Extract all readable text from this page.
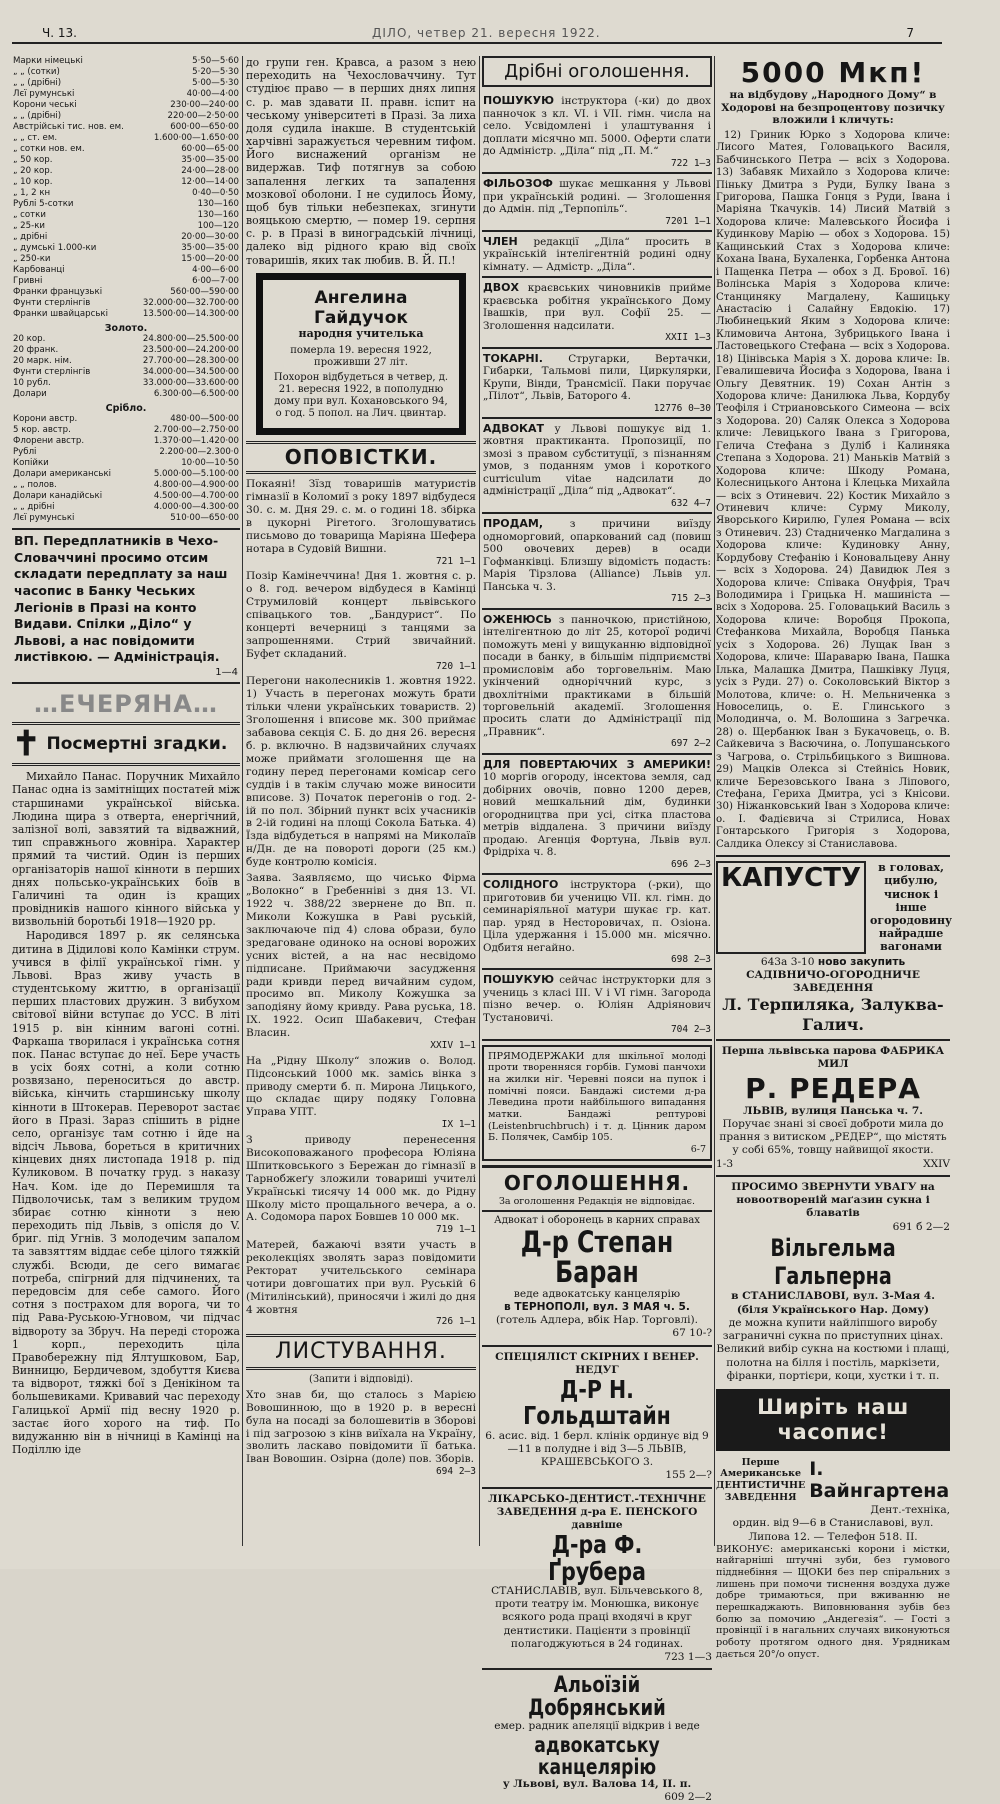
Ч. 13.	ДІЛО, четвер 21. вересня 1922.	7
Марки німецькі	5·50—5·60
„ „ (сотки)	5·20—5·30
„ „ (дрібні)	5·00—5·30
Лєї румунські	40·00—4·00
Корони чеські	230·00—240·00
„ „ (дрібні)	220·00—2·50·00
Австрійські тис. нов. ем.	600·00—650·00
„ „ ст. ем.	1.600·00—1.650·00
„ сотки нов. ем.	60·00—65·00
„ 50 кор.	35·00—35·00
„ 20 кор.	24·00—28·00
„ 10 кор.	12·00—14·00
„ 1, 2 кн	0·40—0·50
Рублі 5-сотки	130—160
„ сотки	130—160
„ 25-ки	100—120
„ дрібні	20·00—30·00
„ думські 1.000-ки	35·00—35·00
„ 250-ки	15·00—20·00
Карбованці	4·00—6·00
Гривні	6·00—7·00
Франки французькі	560·00—590·00
Фунти стерлінгів	32.000·00—32.700·00
Франки швайцарські	13.500·00—14.300·00
Золото.	
20 кор.	24.800·00—25.500·00
20 франк.	23.500·00—24.200·00
20 марк. нім.	27.700·00—28.300·00
Фунти стерлінгів	34.000·00—34.500·00
10 рубл.	33.000·00—33.600·00
Долари	6.300·00—6.500·00
Срібло.	
Корони австр.	480·00—500·00
5 кор. австр.	2.700·00—2.750·00
Флорени австр.	1.370·00—1.420·00
Рублі	2.200·00—2.300·0
Копійки	10·00—10·50
Долари американські	5.000·00—5.100·00
„ „ полов.	4.800·00—4.900·00
Долари канадійські	4.500·00—4.700·00
„ „ дрібні	4.000·00—4.300·00
Лєї румунські	510·00—650·00
ВП. Передплатників в Чехо-Словаччині просимо отсим складати передплату за наш часопис в Банку Чеських Легіонів в Празі на конто Видави. Спілки „Діло“ у Львові, а нас повідомити листівкою. — Адміністрація.
1—4
…ЕЧЕРЯНА…
✝ Посмертні згадки.

Михайло Панас. Поручник Михайло Панас одна із замітніщих постатей між старшинами української війська. Людина щира з отверта, енергічний, залізної волі, завзятий та відважний, тип справжнього жовніра. Характер прямий та чистий. Один із перших організаторів нашої кінноти в перших днях польсько-українських боїв в Галичині та один із кращих провідників нашого кінного війська у визвольній боротьбі 1918—1920 рр.

Народився 1897 р. як селянська дитина в Дідилові коло Камінки струм. учився в філії української гімн. у Львові. Враз живу участь в студентському життю, в організації перших пластових дружин. З вибухом світової війни вступає до УСС. В літі 1915 р. він кінним вагоні сотні. Фаркаша творилася і українська сотня пок. Панас вступає до неї. Бере участь в усіх боях сотні, а коли сотню розвязано, переноситься до австр. війська, кінчить старшинську школу кінноти в Штокерав. Переворот застає його в Празі. Зараз спішить в рідне село, організує там сотню і йде на відсіч Львова, бореться в критичних кінцевих днях листопада 1918 р. під Куликовом. В початку груд. з наказу Нач. Ком. іде до Перемишля та Підволочиськ, там з великим трудом збирає сотню кінноти з нею переходить під Львів, з опісля до V. бриг. під Угнів. З молодечим запалом та завзяттям віддає себе цілого тяжкій службі. Всюди, де сего вимагає потреба, спігрний для підчинених, та передовсім для себе самого. Його сотня з пострахом для ворога, чи то під Рава-Руською-Угновом, чи підчас відвороту за Збруч. На переді сторожа 1 корп., переходить ціла Правобережну під Ялтушковом, Бар, Винницю, Бердичевом, здобуття Києва та відворот, тяжкі бої з Денікіном та большевиками. Кривавий час переходу Галицької Армії під весну 1920 р. застає його хорого на тиф. По видужанню він в нічниці в Камінці на Поділлю іде

до групи ген. Кравса, а разом з нею переходить на Чехословаччину. Тут студіює право — в перших днях липня с. р. мав здавати II. правн. іспит на чеському університеті в Празі. За лиха доля судила інакше. В студентській харчівні заражується черевним тифом. Його виснажений організм не видержав. Тиф потягнув за собою запалення легких та запалення мозкової оболони. І не судилось Йому, щоб був тільки небезпеках, згинути вояцькою смертю, — помер 19. серпня с. р. в Празі в виноградській лічниці, далеко від рідного краю від своїх товаришів, яких так любив. В. Й. П.!

Ангелина Гайдучок
народня учителька
померла 19. вересня 1922, проживши 27 літ.
Похорон відбудеться в четвер, д. 21. вересня 1922, в пополудню дому при вул. Кохановського 94, о год. 5 попол. на Лич. цвинтар.
ОПОВІСТКИ.
Покаяні! Зїзд товаришів матуристів гімназії в Коломиї з року 1897 відбудеся 30. с. м. Дня 29. с. м. о годині 18. збірка в цукорні Рігетого. Зголошуватись письмово до товарища Маріяна Шефера нотара в Судовій Вишни.
721 1—1
Позір Камінеччина! Дня 1. жовтня с. р. о 8. год. вечером відбудеся в Камінці Струмиловій концерт львівського співацького тов. „Бандурист“. По концерті вечерниці з танцями за запрошеннями. Стрий звичайний. Буфет складаний.
720 1—1
Перегони наколесників 1. жовтня 1922. 1) Участь в перегонах можуть брати тільки члени українських товариств. 2) Зголошення і вписове мк. 300 приймає забавова секція С. Б. до дня 26. вересня б. р. включно. В надзвичайних случаях може приймати зголошення ще на годину перед перегонами комісар сего суддів і в такім случаю може виносити вписове. 3) Початок перегонів о год. 2-ій по пол. Збірний пункт всіх учасників в 2-ій годині на площі Сокола Батька. 4) Їзда відбудеться в напрямі на Миколаїв н/Дн. де на повороті дороги (25 км.) буде контролю комісія.
Заява. Заявляємо, що чисько Фірма „Волокно“ в Гребенніві з дня 13. VI. 1922 ч. 388/22 звернене до Вп. п. Миколи Кожушка в Раві руській, заключаюче під 4) слова образи, було зредаговане одиноко на основі ворожих усних вістей, а на нас несвідомо підписане. Приймаючи засудження ради кривди перед вичайним судом, просимо вп. Миколу Кожушка за заподіяну йому кривду. Рава руська, 18. IX. 1922. Осип Шабакевич, Стефан Власин.
XXIV 1—1
На „Рідну Школу“ зложив о. Волод. Підсонський 1000 мк. замісь вінка з приводу смерти б. п. Мирона Лицького, що складає щиру подяку Головна Управа УПТ.
IX 1—1
З приводу перенесення Високоповажаного професора Юліяна Шпитковського з Бережан до гімназії в Тарнобжеґу зложили товариші учителі Українські тисячу 14 000 мк. до Рідну Школу місто прощального вечера, а о. А. Содомора парох Бовшев 10 000 мк.
719 1—1
Матерей, бажаючі взяти участь в реколекціях зволять зараз повідомити Ректорат учительського семінара чотири довгошатих при вул. Руській 6 (Мітилінський), приносячи і жилі до дня 4 жовтня
726 1—1
ЛИСТУВАННЯ.
(Запити і відповіді).
Хто знав би, що сталось з Марією Вовошинною, що в 1920 р. в вересні була на посаді за болошевитів в Зборові і під загрозою з кінв виїхала на Україну, зволить ласкаво повідомити її батька. Іван Вовошин. Озірна (доле) пов. Зборів.
694 2—3
Дрібні оголошення.
ПОШУКУЮ інструктора (-ки) до двох панночок з кл. VI. і VII. гімн. числа на село. Усвідомлені і улаштування і доплати місячно мп. 5000. Оферти слати до Адміністр. „Діла“ під „П. М.“
722 1—3
ФІЛЬОЗОФ шукає мешкання у Львові при українській родині. — Зголошення до Адмін. під „Терпопіль“.
7201 1—1
ЧЛЕН редакції „Діла“ просить в українській інтелігентній родині одну кімнату. — Адмістр. „Діла“.
ДВОХ краєвських чиновників прийме краєвська робітня українського Дому Івашків, при вул. Софії 25. — Зголошення надсилати.
XXII 1—3
ТОКАРНІ. Стругарки, Вертачки, Гибарки, Тальмові пили, Циркулярки, Крупи, Вінди, Трансмісії. Паки поручає „Пілот“, Львів, Баторого 4.
12776 0—30
АДВОКАТ у Львові пошукує від 1. жовтня практиканта. Пропозиції, по змозі з правом субституції, з пізнанням умов, з поданням умов і короткого curriculum vitae надсилати до адміністрації „Діла“ під „Адвокат“.
632 4—7
ПРОДАМ,	з причини виїзду одноморговий, опаркований сад (повиш 500 овочевих дерев) в осади Гофманківці. Близшу відомість подасть: Марія Тірзлова (Alliance) Львів ул. Панська ч. 3.
715 2—3
ОЖЕНЮСЬ з панночкою, пристійною, інтелігентною до літ 25, которої родичі поможуть мені у вищуканню відповідної посади в банку, в більшім підприємстві промисловім або торговельнім. Маю укінчений одноріччний курс, з двохлітніми практиками в більшій торговельній академії. Зголошення просить слати до Адміністрації під „Правник“.
697 2—2
ДЛЯ ПОВЕРТАЮЧИХ З АМЕРИКИ! 10 моргів огороду, інсектова земля, сад добірних овочів, повно 1200 дерев, новий мешкальний дім, будинки огородництва при усі, сітка пластова метрів віддалена. З причини виїзду продаю. Агенція Фортуна, Львів вул. Фрідріха ч. 8.
696 2—3
СОЛІДНОГО інструктора (-рки), що приготовив би ученицю VII. кл. гімн. до семинаріяльної матури шукає гр. кат. пар. уряд в Несторовичах, п. Озіона. Ціла удержання і 15.000 мн. місячно. Одбитя негайно.
698 2—3
ПОШУКУЮ сейчас інструкторки для з учениць з класі III. V і VI гімн. Загорода пізно вечер. о. Юліян Адріянович Тустановичі.
704 2—3
ПРЯМОДЕРЖАКИ для шкільної молоді проти творенняся горбів. Гумові панчохи на жилки ніг. Черевні пояси на пупок і помічні пояси. Бандажі системи д-ра Леведина проти найбільшого випадання матки. Бандажі рептурові (Leistenbruchbruch) і т. д. Цінник даром Б. Полячек, Самбір 105.
6-7
ОГОЛОШЕННЯ.
За оголошення Редакція не відповідає.
Адвокат і оборонець в карних справах
Д-р Степан Баран
веде адвокатську канцелярію
в ТЕРНОПОЛІ, вул. 3 МАЯ ч. 5.
(готель Адлера, вбік Нар. Торговлі).
67 10-?
СПЕЦІЯЛІСТ СКІРНИХ І ВЕНЕР. НЕДУГ
Д-Р Н. Гольдштайн
6. асис. від. 1 берл. клінік ординує від 9—11 в полудне і від 3—5 ЛЬВІВ, КРАШЕВСЬКОГО 3.
155 2—?
ЛІКАРСЬКО-ДЕНТИСТ.-ТЕХНІЧНЕ ЗАВЕДЕННЯ д-ра Е. ПЕНСКОГО давніше
Д-ра Ф. Ґрубера
СТАНИСЛАВІВ, вул. Більчевського 8, проти театру ім. Монюшка, виконує всякого рода праці входячі в круг дентистики. Пацієнти з провінції полагоджуються в 24 годинах.
723 1—3
Альоїзій Добрянський
емер. радник апеляції відкрив і веде
адвокатську канцелярію
у Львові, вул. Валова 14, II. п.
609 2—2
5000 Мкп!
на відбудову „Народного Дому“ в Ходорові на безпроцентову позичку вложили і кличуть:

12) Гриник Юрко з Ходорова кличе: Лисого Матея, Головацького Василя, Бабчинського Петра — всіх з Ходорова. 13) Забавяк Михайло з Ходорова кличе: Піньку Дмитра з Руди, Булку Івана з Григорова, Пашка Гонця з Руди, Івана і Маріяна Ткачуків. 14) Лисий Матвій з Ходорова кличе: Малевського Йосифа і Кудинкову Марію — обох з Ходорова. 15) Кащинський Стах з Ходорова кличе: Кохана Івана, Бухаленка, Горбенка Антона і Пащенка Петра — обох з Д. Брової. 16) Волінська Марія з Ходорова кличе: Станциняку Магдалену, Кашицьку Анастасію і Салайну Евдокію. 17) Любинецький Яким з Ходорова кличе: Климовича Антона, Зубрицького Івана і Ластовецького Стефана — всіх з Ходорова. 18) Цінівська Марія з Х. дорова кличе: Ів. Гевалишевича Йосифа з Ходорова, Івана і Ольгу Девятник. 19) Сохан Антін з Ходорова кличе: Данилюка Льва, Кордубу Теофіля і Стриановського Симеона — всіх з Ходорова. 20) Саляк Олекса з Ходорова кличе: Левицького Івана з Григорова, Гелича Стефана з Дуліб і Калиняка Степана з Ходорова. 21) Маньків Матвій з Ходорова кличе: Шкоду Романа, Колесницького Антона і Клецька Михайла — всіх з Отиневич. 22) Костик Михайло з Отиневич кличе: Сурму Миколу, Яворського Кирилю, Гулея Романа — всіх з Отиневич. 23) Стадниченко Магдалина з Ходорова кличе: Кудиновку Анну, Кордубову Стефанію і Коновальцеву Анну — всіх з Ходорова. 24) Давидюк Лея з Ходорова кличе: Співака Онуфрія, Трач Володимира і Грицька Н. машиніста — всіх з Ходорова. 25. Головацький Василь з Ходорова кличе: Воробця Прокопа, Стефанкова Михайла, Воробця Панька усіх з Ходорова. 26) Лущак Іван з Ходорова, кличе: Шараварю Івана, Пашка Ілька, Малашка Дмитра, Пашківку Луця, усіх з Руди. 27) о. Соколовський Віктор з Молотова, кличе: о. Н. Мельниченка з Новоселиць, о. Е. Глинського з Молодинча, о. М. Волошина з Загречка. 28) о. Щербанюк Іван з Букачовець, о. В. Сайкевича з Васючина, о. Лопушанського з Чагрова, о. Стрільбицького з Вишнова. 29) Мацків Олекса зі Стейнісь Новик, кличе Березовського Івана з Ліпового, Стефана, Гериха Дмитра, усі з Кнісови. 30) Ніжанковський Іван з Ходорова кличе: о. І. Фадієвича зі Стрилиса, Новах Гонтарського Григорія з Ходорова, Салдика Олексу зі Станиславова.

КАПУСТУ	в головах, цибулю, чиснок і інше огородовину найрадше вагонами
643а 3-10 нoво закупить
САДІВНИЧО-ОГОРОДНИЧЕ ЗАВЕДЕННЯ
Л. Терпиляка, Залуква-Галич.
Перша львівська парова ФАБРИКА МИЛ
Р. РЕДЕРА
ЛЬВІВ, вулиця Панська ч. 7.
Поручає знані зі своєї доброти мила до прання з витиском „РЕДЕР“, що містять у собі 65%, товщу найвищої якости.
1-3	XXIV
ПРОСИМО ЗВЕРНУТИ УВАГУ на новоотвореній маґазин сукна і блаватів
691 б 2—2
Вільгельма Гальперна
в СТАНИСЛАВОВІ, вул. 3-Мая 4. (біля Українського Нар. Дому)
де можна купити найліпшого виробу заграничні сукна по приступних цінах. Великий вибір сукна на костюми і плащі, полотна на білля і постіль, маркізети, фіранки, портієри, коци, хустки і т. п.
Ширіть наш часопис!
Перше Американське ДЕНТИСТИЧНЕ ЗАВЕДЕННЯ
І. Вайнгартена
Дент.-техніка,
ордин. від 9—6 в Станиславові, вул. Липова 12. — Телефон 518. II.
ВИКОНУЄ: американські корони і містки, найгарніші штучні зуби, без гумового підднебіння — ЩОКИ без пер спірaльних з лишень при помочи тиснення воздуха дуже добре тримаються, при вживанню не перешкаджають. Виповнювання зубів без болю за помочию „Андегезія“. — Гості з провінції і в нагальних случаях виконуються роботу протягом одного дня. Урядникам дається 20°/o опуст.
